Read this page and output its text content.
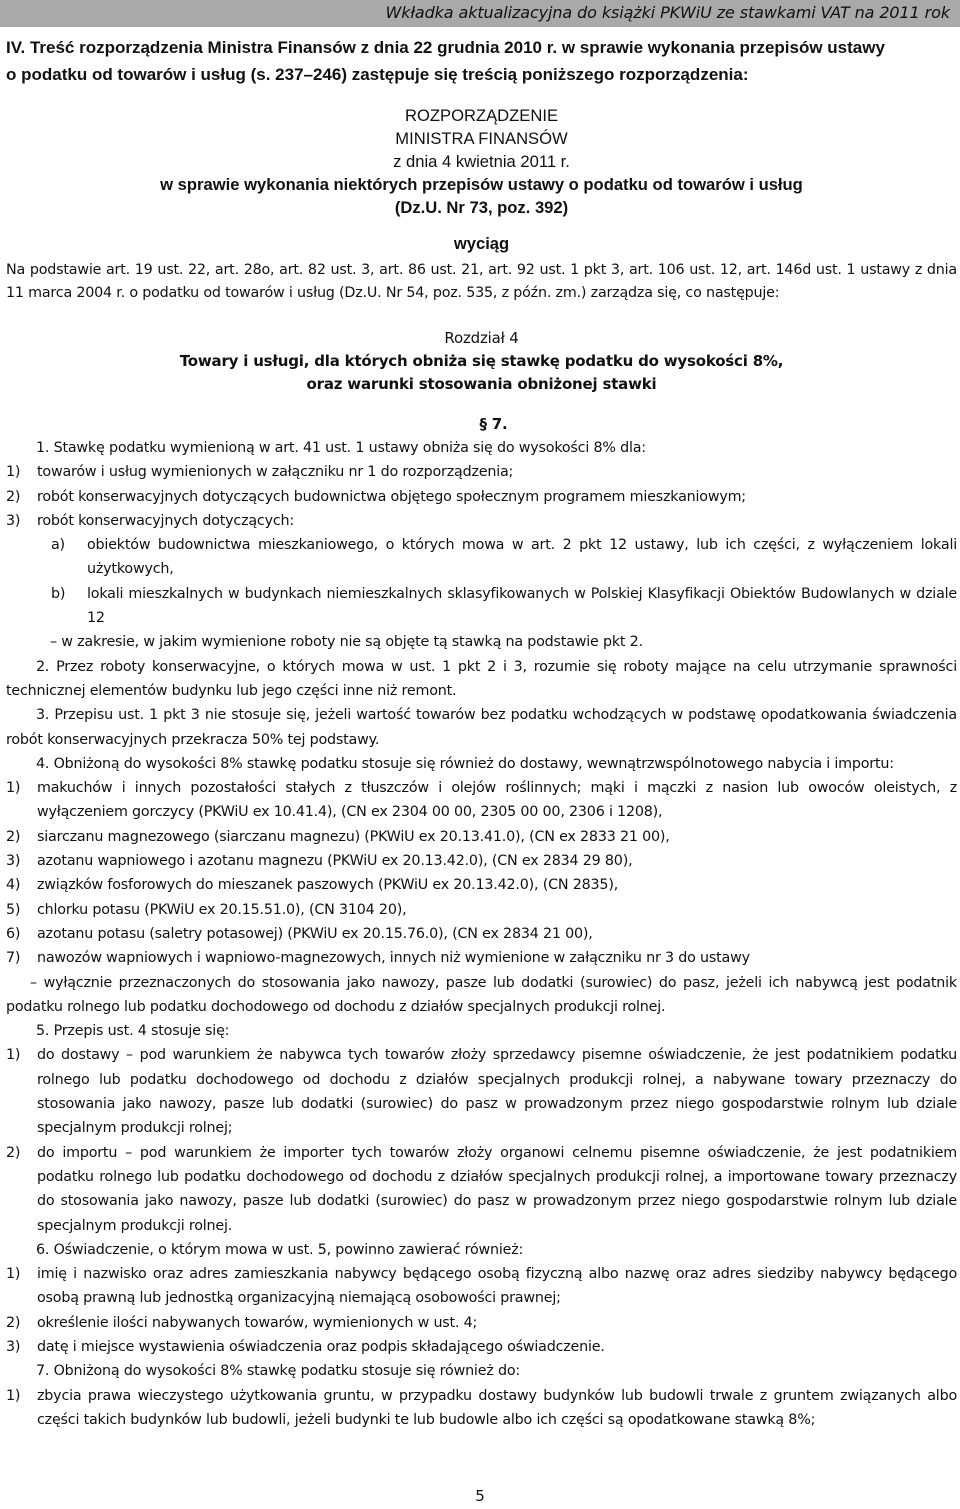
Wkładka aktualizacyjna do książki PKWiU ze stawkami VAT na 2011 rok
IV. Treść rozporządzenia Ministra Finansów z dnia 22 grudnia 2010 r. w sprawie wykonania przepisów ustawy
o podatku od towarów i usług (s. 237–246) zastępuje się treścią poniższego rozporządzenia:
ROZPORZĄDZENIE
MINISTRA FINANSÓW
z dnia 4 kwietnia 2011 r.
w sprawie wykonania niektórych przepisów ustawy o podatku od towarów i usług
(Dz.U. Nr 73, poz. 392)
wyciąg

Na podstawie art. 19 ust. 22, art. 28o, art. 82 ust. 3, art. 86 ust. 21, art. 92 ust. 1 pkt 3, art. 106 ust. 12, art. 146d ust. 1 ustawy z dnia 11 marca 2004 r. o podatku od towarów i usług (Dz.U. Nr 54, poz. 535, z późn. zm.) zarządza się, co następuje:

Rozdział 4
Towary i usługi, dla których obniża się stawkę podatku do wysokości 8%,
oraz warunki stosowania obniżonej stawki
§ 7.

1. Stawkę podatku wymienioną w art. 41 ust. 1 ustawy obniża się do wysokości 8% dla:

1)	towarów i usług wymienionych w załączniku nr 1 do rozporządzenia;
2)	robót konserwacyjnych dotyczących budownictwa objętego społecznym programem mieszkaniowym;
3)	robót konserwacyjnych dotyczących:
a)	obiektów budownictwa mieszkaniowego, o których mowa w art. 2 pkt 12 ustawy, lub ich części, z wyłączeniem lokali użytkowych,
b)	lokali mieszkalnych w budynkach niemieszkalnych sklasyfikowanych w Polskiej Klasyfikacji Obiektów Budowlanych w dziale 12

– w zakresie, w jakim wymienione roboty nie są objęte tą stawką na podstawie pkt 2.

2. Przez roboty konserwacyjne, o których mowa w ust. 1 pkt 2 i 3, rozumie się roboty mające na celu utrzymanie sprawności technicznej elementów budynku lub jego części inne niż remont.

3. Przepisu ust. 1 pkt 3 nie stosuje się, jeżeli wartość towarów bez podatku wchodzących w podstawę opodatkowania świadczenia robót konserwacyjnych przekracza 50% tej podstawy.

4. Obniżoną do wysokości 8% stawkę podatku stosuje się również do dostawy, wewnątrzwspólnotowego nabycia i importu:

1)	makuchów i innych pozostałości stałych z tłuszczów i olejów roślinnych; mąki i mączki z nasion lub owoców oleistych, z wyłączeniem gorczycy (PKWiU ex 10.41.4), (CN ex 2304 00 00, 2305 00 00, 2306 i 1208),
2)	siarczanu magnezowego (siarczanu magnezu) (PKWiU ex 20.13.41.0), (CN ex 2833 21 00),
3)	azotanu wapniowego i azotanu magnezu (PKWiU ex 20.13.42.0), (CN ex 2834 29 80),
4)	związków fosforowych do mieszanek paszowych (PKWiU ex 20.13.42.0), (CN 2835),
5)	chlorku potasu (PKWiU ex 20.15.51.0), (CN 3104 20),
6)	azotanu potasu (saletry potasowej) (PKWiU ex 20.15.76.0), (CN ex 2834 21 00),
7)	nawozów wapniowych i wapniowo-magnezowych, innych niż wymienione w załączniku nr 3 do ustawy

– wyłącznie przeznaczonych do stosowania jako nawozy, pasze lub dodatki (surowiec) do pasz, jeżeli ich nabywcą jest podatnik podatku rolnego lub podatku dochodowego od dochodu z działów specjalnych produkcji rolnej.

5. Przepis ust. 4 stosuje się:

1)	do dostawy – pod warunkiem że nabywca tych towarów złoży sprzedawcy pisemne oświadczenie, że jest podatnikiem podatku rolnego lub podatku dochodowego od dochodu z działów specjalnych produkcji rolnej, a nabywane towary przeznaczy do stosowania jako nawozy, pasze lub dodatki (surowiec) do pasz w prowadzonym przez niego gospodarstwie rolnym lub dziale specjalnym produkcji rolnej;
2)	do importu – pod warunkiem że importer tych towarów złoży organowi celnemu pisemne oświadczenie, że jest podatnikiem podatku rolnego lub podatku dochodowego od dochodu z działów specjalnych produkcji rolnej, a importowane towary przeznaczy do stosowania jako nawozy, pasze lub dodatki (surowiec) do pasz w prowadzonym przez niego gospodarstwie rolnym lub dziale specjalnym produkcji rolnej.

6. Oświadczenie, o którym mowa w ust. 5, powinno zawierać również:

1)	imię i nazwisko oraz adres zamieszkania nabywcy będącego osobą fizyczną albo nazwę oraz adres siedziby nabywcy będącego osobą prawną lub jednostką organizacyjną niemającą osobowości prawnej;
2)	określenie ilości nabywanych towarów, wymienionych w ust. 4;
3)	datę i miejsce wystawienia oświadczenia oraz podpis składającego oświadczenie.

7. Obniżoną do wysokości 8% stawkę podatku stosuje się również do:

1)	zbycia prawa wieczystego użytkowania gruntu, w przypadku dostawy budynków lub budowli trwale z gruntem związanych albo części takich budynków lub budowli, jeżeli budynki te lub budowle albo ich części są opodatkowane stawką 8%;
5
